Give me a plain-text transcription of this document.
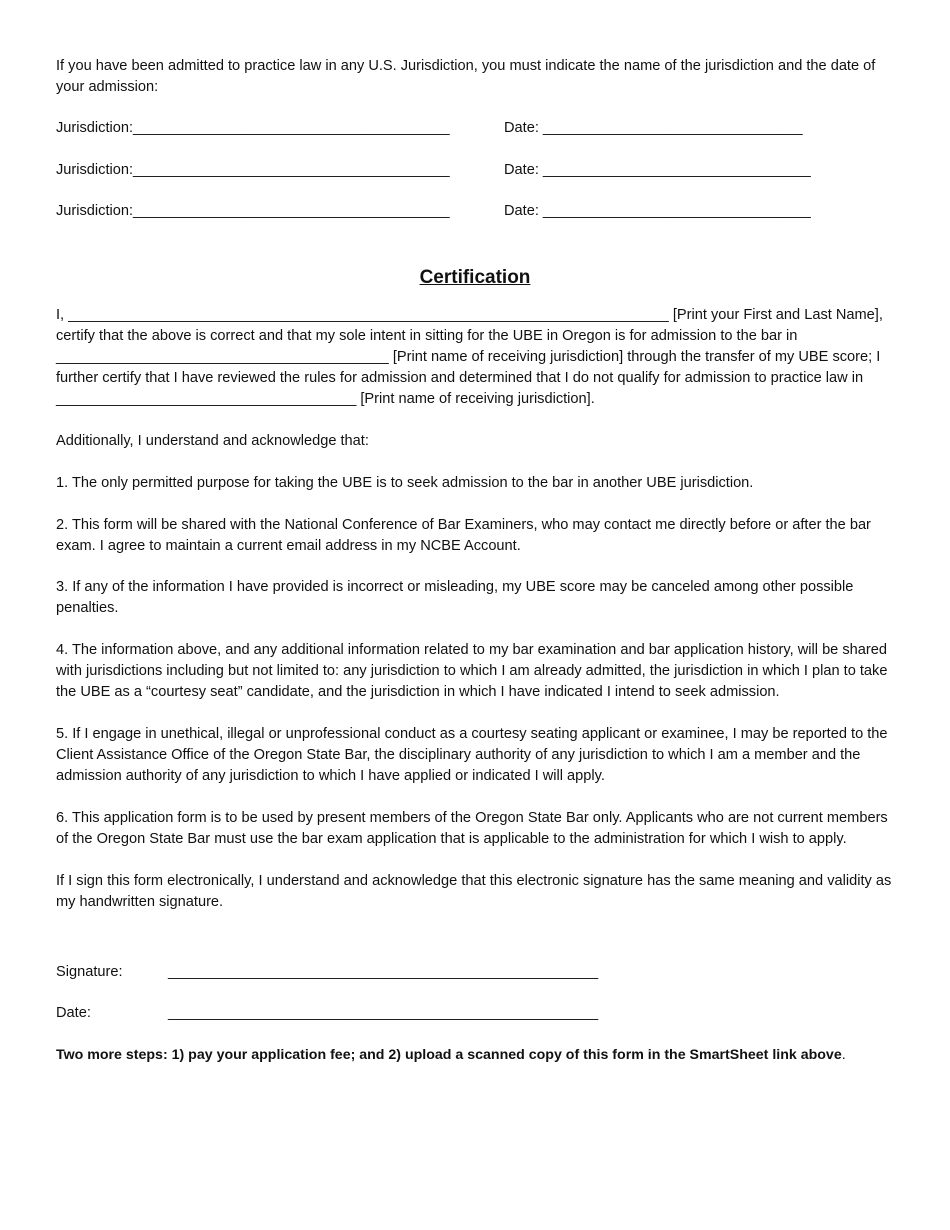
If you have been admitted to practice law in any U.S. Jurisdiction, you must indicate the name of the jurisdiction and the date of your admission:

Jurisdiction:_______________________________________	Date: ________________________________
Jurisdiction:_______________________________________	Date: _________________________________
Jurisdiction:_______________________________________	Date: _________________________________
Certification

I, __________________________________________________________________________ [Print your First and Last Name], certify that the above is correct and that my sole intent in sitting for the UBE in Oregon is for admission to the bar in _________________________________________ [Print name of receiving jurisdiction] through the transfer of my UBE score; I further certify that I have reviewed the rules for admission and determined that I do not qualify for admission to practice law in _____________________________________ [Print name of receiving jurisdiction].

Additionally, I understand and acknowledge that:

1. The only permitted purpose for taking the UBE is to seek admission to the bar in another UBE jurisdiction.

2. This form will be shared with the National Conference of Bar Examiners, who may contact me directly before or after the bar exam. I agree to maintain a current email address in my NCBE Account.

3. If any of the information I have provided is incorrect or misleading, my UBE score may be canceled among other possible penalties.

4. The information above, and any additional information related to my bar examination and bar application history, will be shared with jurisdictions including but not limited to: any jurisdiction to which I am already admitted, the jurisdiction in which I plan to take the UBE as a “courtesy seat” candidate, and the jurisdiction in which I have indicated I intend to seek admission.

5. If I engage in unethical, illegal or unprofessional conduct as a courtesy seating applicant or examinee, I may be reported to the Client Assistance Office of the Oregon State Bar, the disciplinary authority of any jurisdiction to which I am a member and the admission authority of any jurisdiction to which I have applied or indicated I will apply.

6. This application form is to be used by present members of the Oregon State Bar only. Applicants who are not current members of the Oregon State Bar must use the bar exam application that is applicable to the administration for which I wish to apply.

If I sign this form electronically, I understand and acknowledge that this electronic signature has the same meaning and validity as my handwritten signature.

Signature:	_____________________________________________________
Date:	_____________________________________________________

Two more steps: 1) pay your application fee; and 2) upload a scanned copy of this form in the SmartSheet link above.
